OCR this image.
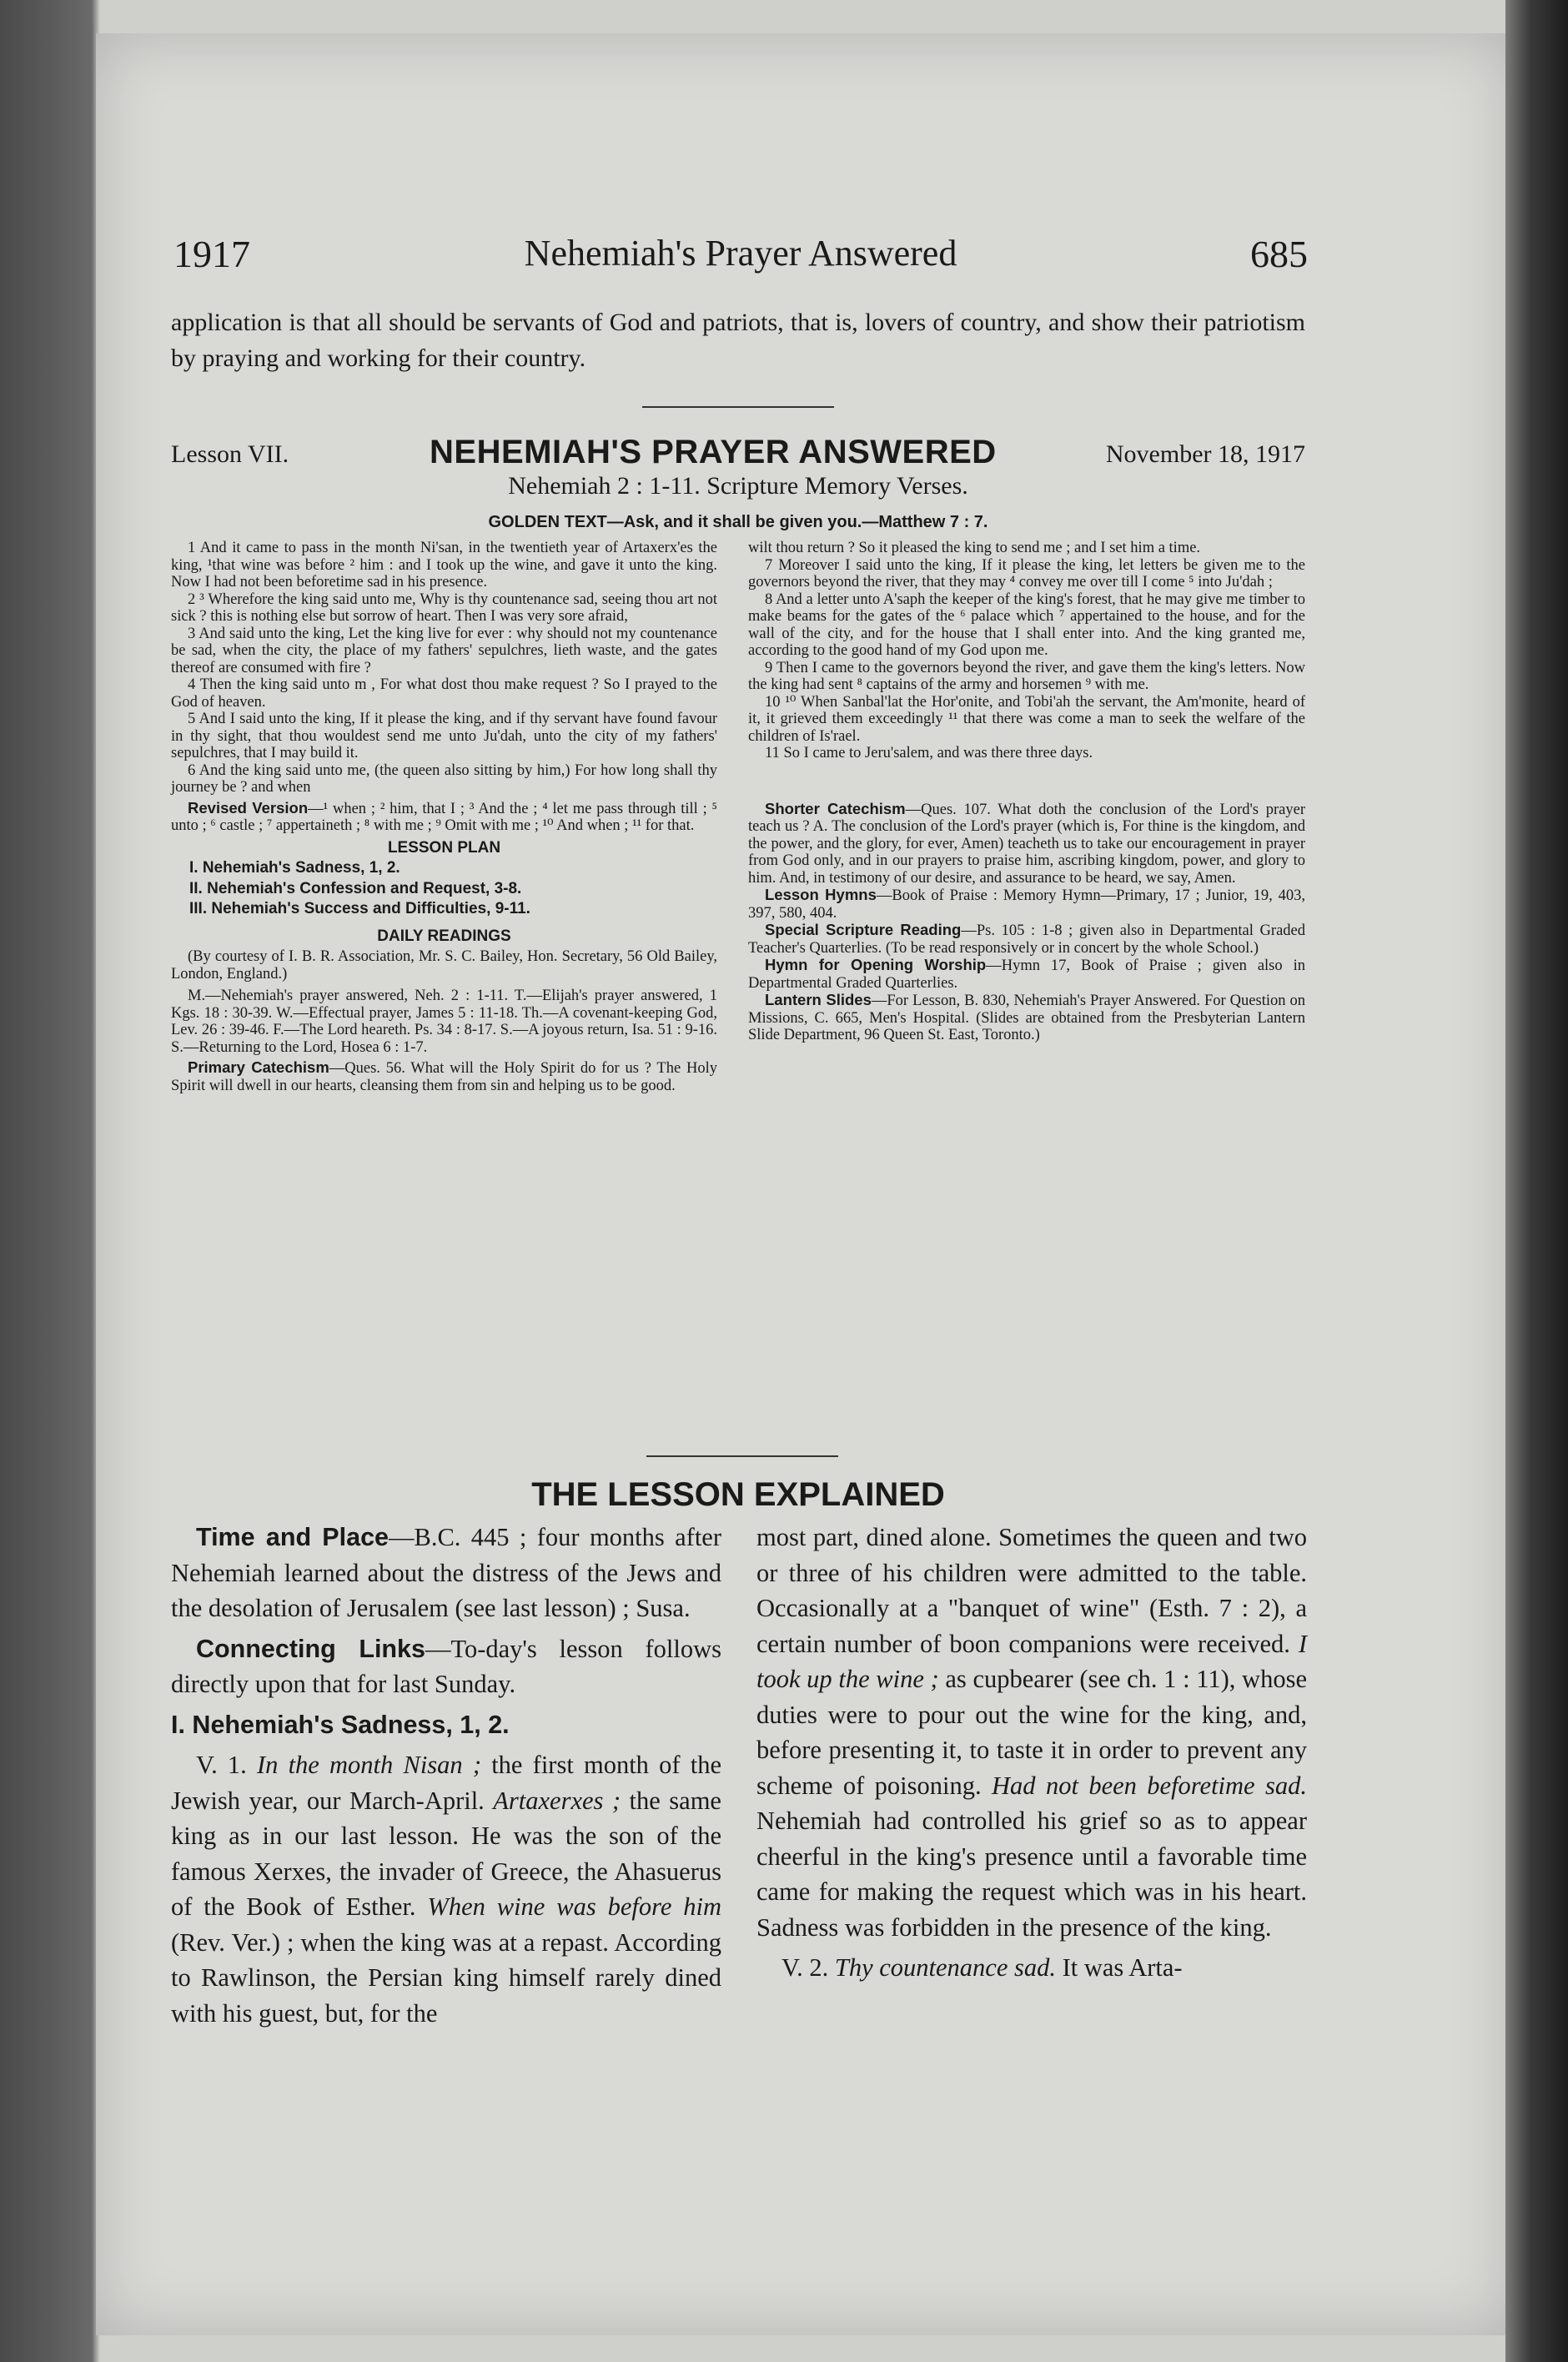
1917	Nehemiah's Prayer Answered	685
application is that all should be servants of God and patriots, that is, lovers of country, and show their patriotism by praying and working for their country.
Lesson VII.	NEHEMIAH'S PRAYER ANSWERED	November 18, 1917
Nehemiah 2 : 1-11. Scripture Memory Verses.
GOLDEN TEXT—Ask, and it shall be given you.—Matthew 7 : 7.

1 And it came to pass in the month Ni'san, in the twentieth year of Artaxerx'es the king, ¹that wine was before ² him : and I took up the wine, and gave it unto the king. Now I had not been beforetime sad in his presence.

2 ³ Wherefore the king said unto me, Why is thy countenance sad, seeing thou art not sick ? this is nothing else but sorrow of heart. Then I was very sore afraid,

3 And said unto the king, Let the king live for ever : why should not my countenance be sad, when the city, the place of my fathers' sepulchres, lieth waste, and the gates thereof are consumed with fire ?

4 Then the king said unto m , For what dost thou make request ? So I prayed to the God of heaven.

5 And I said unto the king, If it please the king, and if thy servant have found favour in thy sight, that thou wouldest send me unto Ju'dah, unto the city of my fathers' sepulchres, that I may build it.

6 And the king said unto me, (the queen also sitting by him,) For how long shall thy journey be ? and when

Revised Version—¹ when ; ² him, that I ; ³ And the ; ⁴ let me pass through till ; ⁵ unto ; ⁶ castle ; ⁷ appertaineth ; ⁸ with me ; ⁹ Omit with me ; ¹⁰ And when ; ¹¹ for that.

LESSON PLAN
I. Nehemiah's Sadness, 1, 2.
II. Nehemiah's Confession and Request, 3-8.
III. Nehemiah's Success and Difficulties, 9-11.
DAILY READINGS

(By courtesy of I. B. R. Association, Mr. S. C. Bailey, Hon. Secretary, 56 Old Bailey, London, England.)

M.—Nehemiah's prayer answered, Neh. 2 : 1-11. T.—Elijah's prayer answered, 1 Kgs. 18 : 30-39. W.—Effectual prayer, James 5 : 11-18. Th.—A covenant-keeping God, Lev. 26 : 39-46. F.—The Lord heareth. Ps. 34 : 8-17. S.—A joyous return, Isa. 51 : 9-16. S.—Returning to the Lord, Hosea 6 : 1-7.

Primary Catechism—Ques. 56. What will the Holy Spirit do for us ? The Holy Spirit will dwell in our hearts, cleansing them from sin and helping us to be good.

wilt thou return ? So it pleased the king to send me ; and I set him a time.

7 Moreover I said unto the king, If it please the king, let letters be given me to the governors beyond the river, that they may ⁴ convey me over till I come ⁵ into Ju'dah ;

8 And a letter unto A'saph the keeper of the king's forest, that he may give me timber to make beams for the gates of the ⁶ palace which ⁷ appertained to the house, and for the wall of the city, and for the house that I shall enter into. And the king granted me, according to the good hand of my God upon me.

9 Then I came to the governors beyond the river, and gave them the king's letters. Now the king had sent ⁸ captains of the army and horsemen ⁹ with me.

10 ¹⁰ When Sanbal'lat the Hor'onite, and Tobi'ah the servant, the Am'monite, heard of it, it grieved them exceedingly ¹¹ that there was come a man to seek the welfare of the children of Is'rael.

11 So I came to Jeru'salem, and was there three days.

Shorter Catechism—Ques. 107. What doth the conclusion of the Lord's prayer teach us ? A. The conclusion of the Lord's prayer (which is, For thine is the kingdom, and the power, and the glory, for ever, Amen) teacheth us to take our encouragement in prayer from God only, and in our prayers to praise him, ascribing kingdom, power, and glory to him. And, in testimony of our desire, and assurance to be heard, we say, Amen.

Lesson Hymns—Book of Praise : Memory Hymn—Primary, 17 ; Junior, 19, 403, 397, 580, 404.

Special Scripture Reading—Ps. 105 : 1-8 ; given also in Departmental Graded Teacher's Quarterlies. (To be read responsively or in concert by the whole School.)

Hymn for Opening Worship—Hymn 17, Book of Praise ; given also in Departmental Graded Quarterlies.

Lantern Slides—For Lesson, B. 830, Nehemiah's Prayer Answered. For Question on Missions, C. 665, Men's Hospital. (Slides are obtained from the Presbyterian Lantern Slide Department, 96 Queen St. East, Toronto.)

THE LESSON EXPLAINED

Time and Place—B.C. 445 ; four months after Nehemiah learned about the distress of the Jews and the desolation of Jerusalem (see last lesson) ; Susa.

Connecting Links—To-day's lesson follows directly upon that for last Sunday.

I. Nehemiah's Sadness, 1, 2.

V. 1. In the month Nisan ; the first month of the Jewish year, our March-April. Artaxerxes ; the same king as in our last lesson. He was the son of the famous Xerxes, the invader of Greece, the Ahasuerus of the Book of Esther. When wine was before him (Rev. Ver.) ; when the king was at a repast. According to Rawlinson, the Persian king himself rarely dined with his guest, but, for the

most part, dined alone. Sometimes the queen and two or three of his children were admitted to the table. Occasionally at a "banquet of wine" (Esth. 7 : 2), a certain number of boon companions were received. I took up the wine ; as cupbearer (see ch. 1 : 11), whose duties were to pour out the wine for the king, and, before presenting it, to taste it in order to prevent any scheme of poisoning. Had not been beforetime sad. Nehemiah had controlled his grief so as to appear cheerful in the king's presence until a favorable time came for making the request which was in his heart. Sadness was forbidden in the presence of the king.

V. 2. Thy countenance sad. It was Arta-
